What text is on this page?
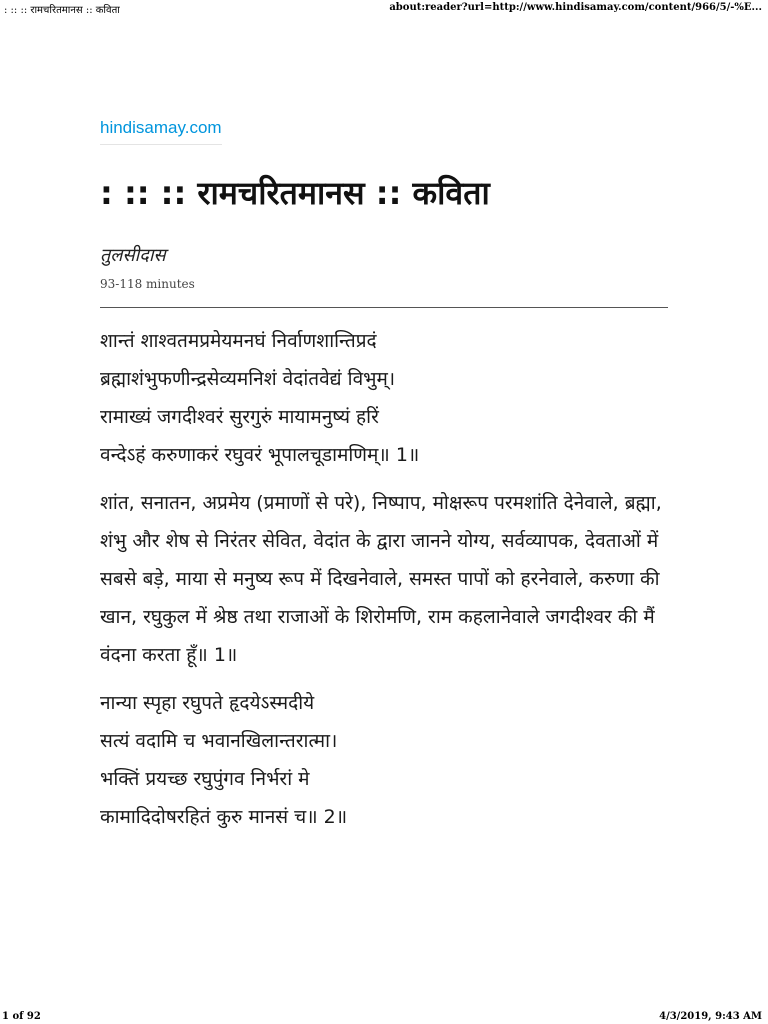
: :: :: रामचरितमानस :: कविता	about:reader?url=http://www.hindisamay.com/content/966/5/-%E...
hindisamay.com
: :: :: रामचरितमानस :: कविता
तुलसीदास
93-118 minutes

शान्तं शाश्वतमप्रमेयमनघं निर्वाणशान्तिप्रदं
ब्रह्माशंभुफणीन्द्रसेव्यमनिशं वेदांतवेद्यं विभुम्।
रामाख्यं जगदीश्वरं सुरगुरुं मायामनुष्यं हरिं
वन्देऽहं करुणाकरं रघुवरं भूपालचूडामणिम्॥ 1॥

शांत, सनातन, अप्रमेय (प्रमाणों से परे), निष्पाप, मोक्षरूप परमशांति देनेवाले, ब्रह्मा, शंभु और शेष से निरंतर सेवित, वेदांत के द्वारा जानने योग्य, सर्वव्यापक, देवताओं में सबसे बड़े, माया से मनुष्य रूप में दिखनेवाले, समस्त पापों को हरनेवाले, करुणा की खान, रघुकुल में श्रेष्ठ तथा राजाओं के शिरोमणि, राम कहलानेवाले जगदीश्वर की मैं वंदना करता हूँ॥ 1॥

नान्या स्पृहा रघुपते हृदयेऽस्मदीये
सत्यं वदामि च भवानखिलान्तरात्मा।
भक्तिं प्रयच्छ रघुपुंगव निर्भरां मे
कामादिदोषरहितं कुरु मानसं च॥ 2॥

1 of 92	4/3/2019, 9:43 AM
